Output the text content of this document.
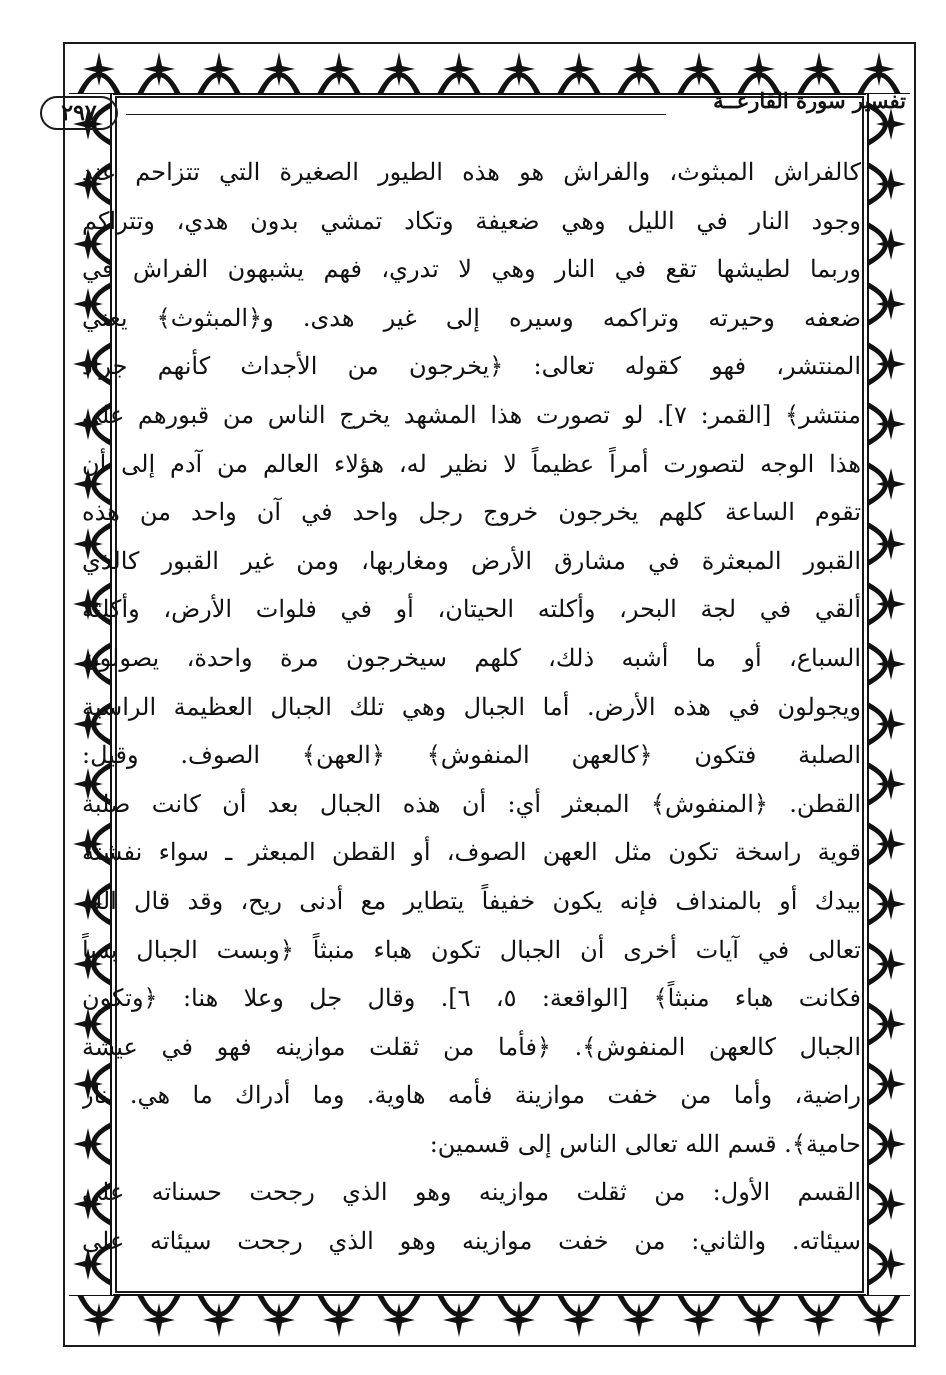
تفسير سورة القارعــة
٢٩٧
كالفراش المبثوث، والفراش هو هذه الطيور الصغيرة التي تتزاحم عند
وجود النار في الليل وهي ضعيفة وتكاد تمشي بدون هدي، وتتراكم
وربما لطيشها تقع في النار وهي لا تدري، فهم يشبهون الفراش في
ضعفه وحيرته وتراكمه وسيره إلى غير هدى. و﴿المبثوث﴾ يعني
المنتشر، فهو كقوله تعالى: ﴿يخرجون من الأجداث كأنهم جراد
منتشر﴾ [القمر: ٧]. لو تصورت هذا المشهد يخرج الناس من قبورهم على
هذا الوجه لتصورت أمراً عظيماً لا نظير له، هؤلاء العالم من آدم إلى أن
تقوم الساعة كلهم يخرجون خروج رجل واحد في آن واحد من هذه
القبور المبعثرة في مشارق الأرض ومغاربها، ومن غير القبور كالذي
ألقي في لجة البحر، وأكلته الحيتان، أو في فلوات الأرض، وأكلته
السباع، أو ما أشبه ذلك، كلهم سيخرجون مرة واحدة، يصولون
ويجولون في هذه الأرض. أما الجبال وهي تلك الجبال العظيمة الراسية
الصلبة فتكون ﴿كالعهن المنفوش﴾ ﴿العهن﴾ الصوف. وقيل:
القطن. ﴿المنفوش﴾ المبعثر أي: أن هذه الجبال بعد أن كانت صلبة
قوية راسخة تكون مثل العهن الصوف، أو القطن المبعثر ـ سواء نفشته
بيدك أو بالمنداف فإنه يكون خفيفاً يتطاير مع أدنى ريح، وقد قال الله
تعالى في آيات أخرى أن الجبال تكون هباء منبثاً ﴿وبست الجبال بساً
فكانت هباء منبثاً﴾ [الواقعة: ٥، ٦]. وقال جل وعلا هنا: ﴿وتكون
الجبال كالعهن المنفوش﴾. ﴿فأما من ثقلت موازينه فهو في عيشة
راضية، وأما من خفت موازينة فأمه هاوية. وما أدراك ما هي. نار
حامية﴾. قسم الله تعالى الناس إلى قسمين:
القسم الأول: من ثقلت موازينه وهو الذي رجحت حسناته على
سيئاته. والثاني: من خفت موازينه وهو الذي رجحت سيئاته على
